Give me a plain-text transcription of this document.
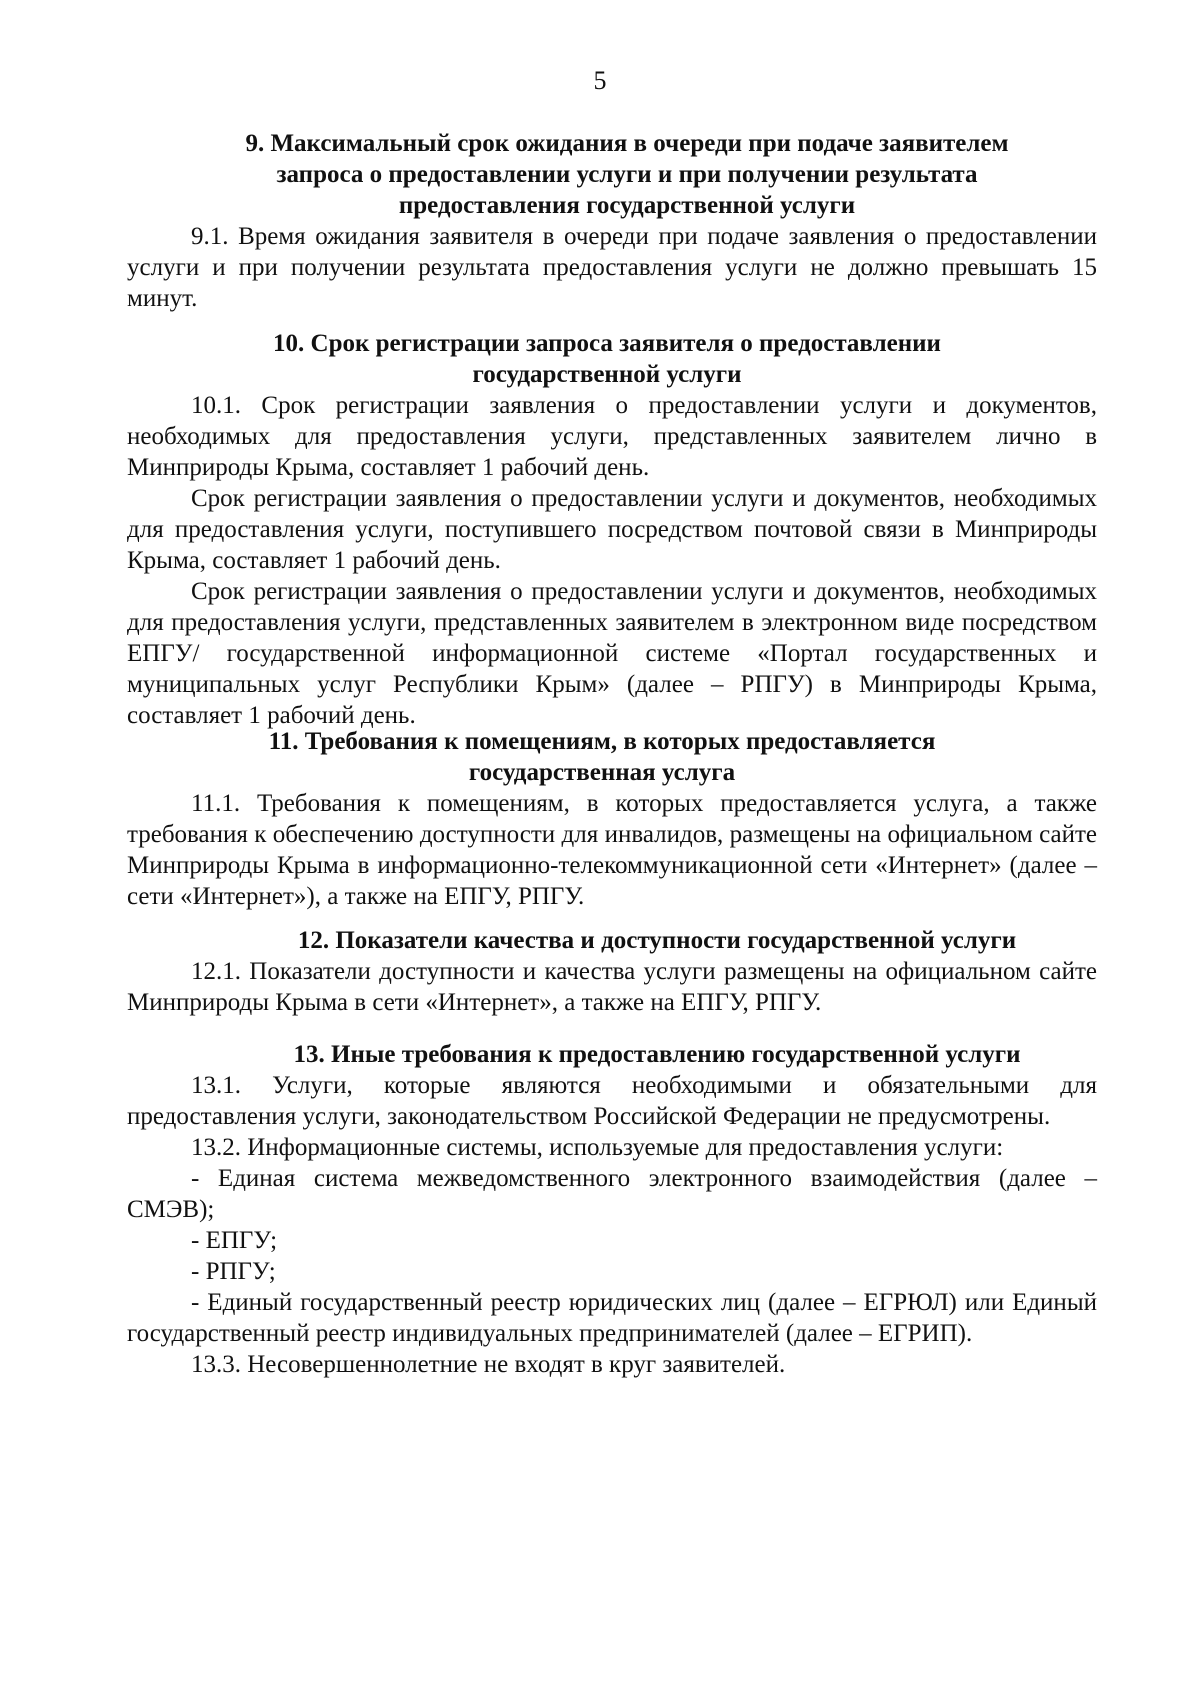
5
9. Максимальный срок ожидания в очереди при подаче заявителем запроса о предоставлении услуги и при получении результата предоставления государственной услуги

9.1. Время ожидания заявителя в очереди при подаче заявления о предоставлении услуги и при получении результата предоставления услуги не должно превышать 15 минут.

10. Срок регистрации запроса заявителя о предоставлении государственной услуги

10.1. Срок регистрации заявления о предоставлении услуги и документов, необходимых для предоставления услуги, представленных заявителем лично в Минприроды Крыма, составляет 1 рабочий день.

Срок регистрации заявления о предоставлении услуги и документов, необходимых для предоставления услуги, поступившего посредством почтовой связи в Минприроды Крыма, составляет 1 рабочий день.

Срок регистрации заявления о предоставлении услуги и документов, необходимых для предоставления услуги, представленных заявителем в электронном виде посредством ЕПГУ/ государственной информационной системе «Портал государственных и муниципальных услуг Республики Крым» (далее – РПГУ) в Минприроды Крыма, составляет 1 рабочий день.

11. Требования к помещениям, в которых предоставляется государственная услуга

11.1. Требования к помещениям, в которых предоставляется услуга, а также требования к обеспечению доступности для инвалидов, размещены на официальном сайте Минприроды Крыма в информационно-телекоммуникационной сети «Интернет» (далее – сети «Интернет»), а также на ЕПГУ, РПГУ.

12. Показатели качества и доступности государственной услуги

12.1. Показатели доступности и качества услуги размещены на официальном сайте Минприроды Крыма в сети «Интернет», а также на ЕПГУ, РПГУ.

13. Иные требования к предоставлению государственной услуги

13.1. Услуги, которые являются необходимыми и обязательными для предоставления услуги, законодательством Российской Федерации не предусмотрены.

13.2. Информационные системы, используемые для предоставления услуги:

- Единая система межведомственного электронного взаимодействия (далее – СМЭВ);

- ЕПГУ;

- РПГУ;

- Единый государственный реестр юридических лиц (далее – ЕГРЮЛ) или Единый государственный реестр индивидуальных предпринимателей (далее – ЕГРИП).

13.3. Несовершеннолетние не входят в круг заявителей.
